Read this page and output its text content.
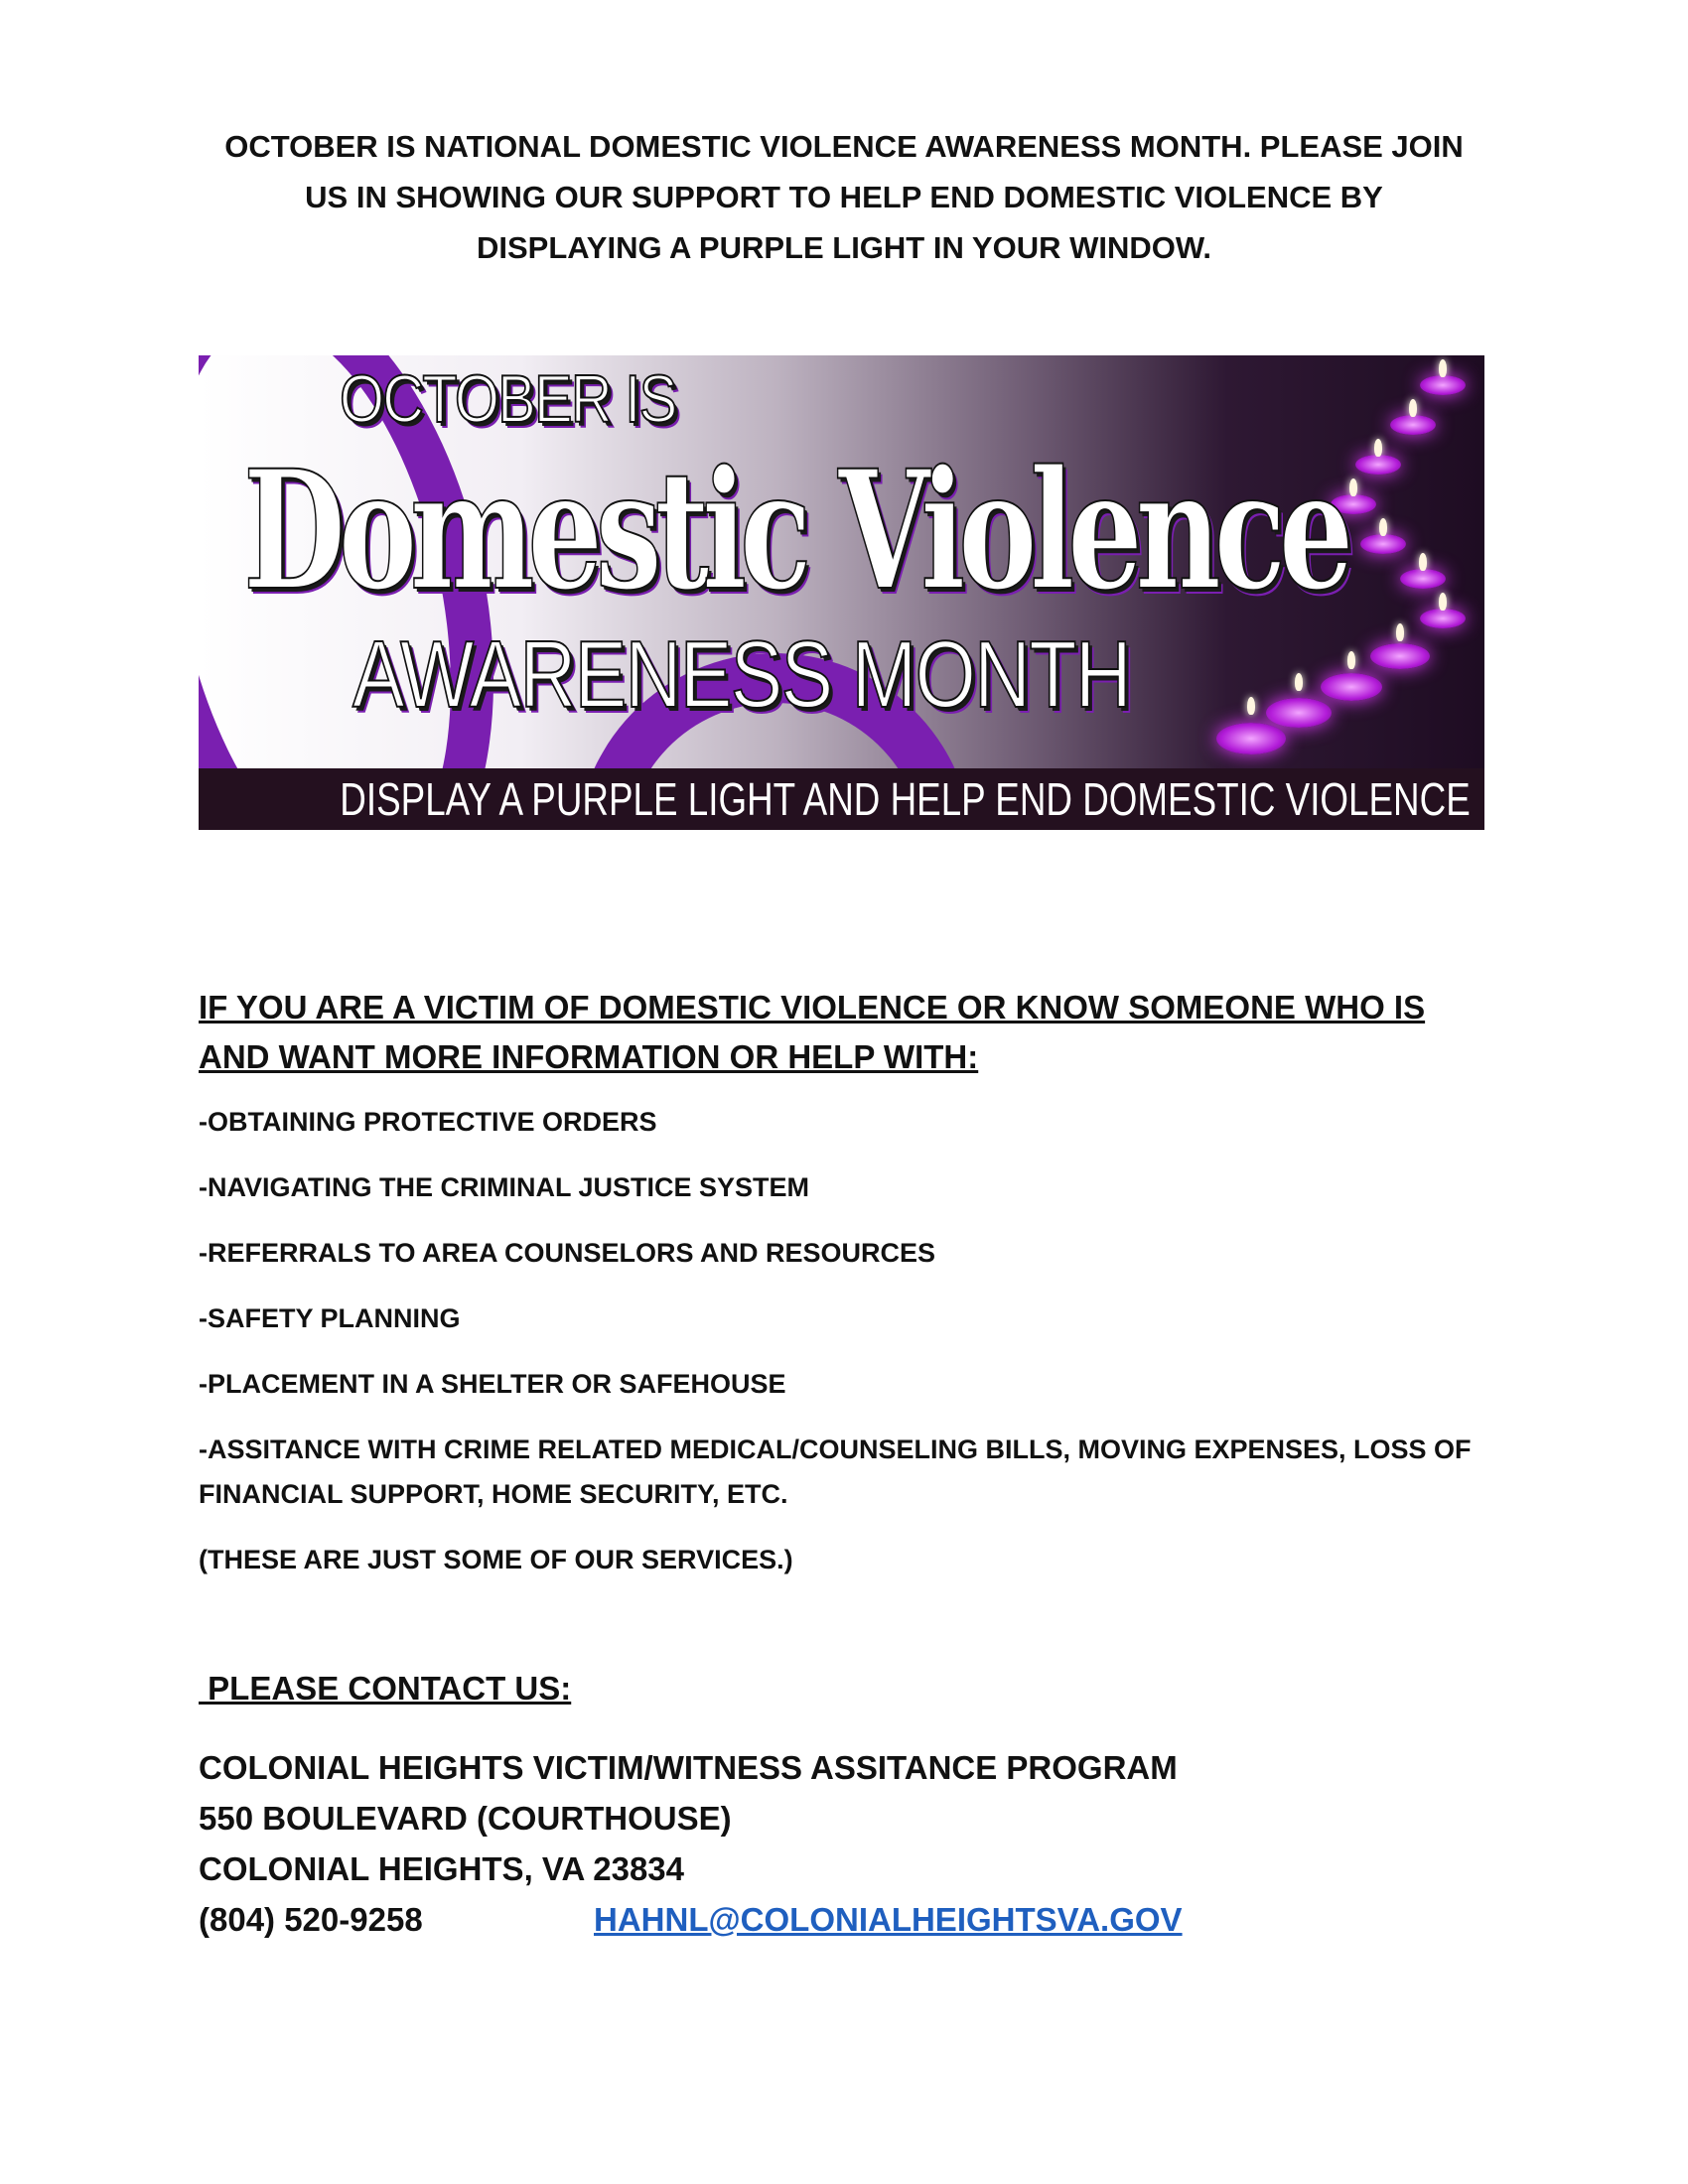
OCTOBER IS NATIONAL DOMESTIC VIOLENCE AWARENESS MONTH. PLEASE JOIN
US IN SHOWING OUR SUPPORT TO HELP END DOMESTIC VIOLENCE BY
DISPLAYING A PURPLE LIGHT IN YOUR WINDOW.
OCTOBER IS
Domestic Violence
AWARENESS MONTH
DISPLAY A PURPLE LIGHT AND HELP END DOMESTIC VIOLENCE
IF YOU ARE A VICTIM OF DOMESTIC VIOLENCE OR KNOW SOMEONE WHO IS
AND WANT MORE INFORMATION OR HELP WITH:
-OBTAINING PROTECTIVE ORDERS
-NAVIGATING THE CRIMINAL JUSTICE SYSTEM
-REFERRALS TO AREA COUNSELORS AND RESOURCES
-SAFETY PLANNING
-PLACEMENT IN A SHELTER OR SAFEHOUSE
-ASSITANCE WITH CRIME RELATED MEDICAL/COUNSELING BILLS, MOVING EXPENSES, LOSS OF FINANCIAL SUPPORT, HOME SECURITY, ETC.
(THESE ARE JUST SOME OF OUR SERVICES.)
PLEASE CONTACT US:
COLONIAL HEIGHTS VICTIM/WITNESS ASSITANCE PROGRAM
550 BOULEVARD (COURTHOUSE)
COLONIAL HEIGHTS, VA 23834
(804) 520-9258	HAHNL@COLONIALHEIGHTSVA.GOV
